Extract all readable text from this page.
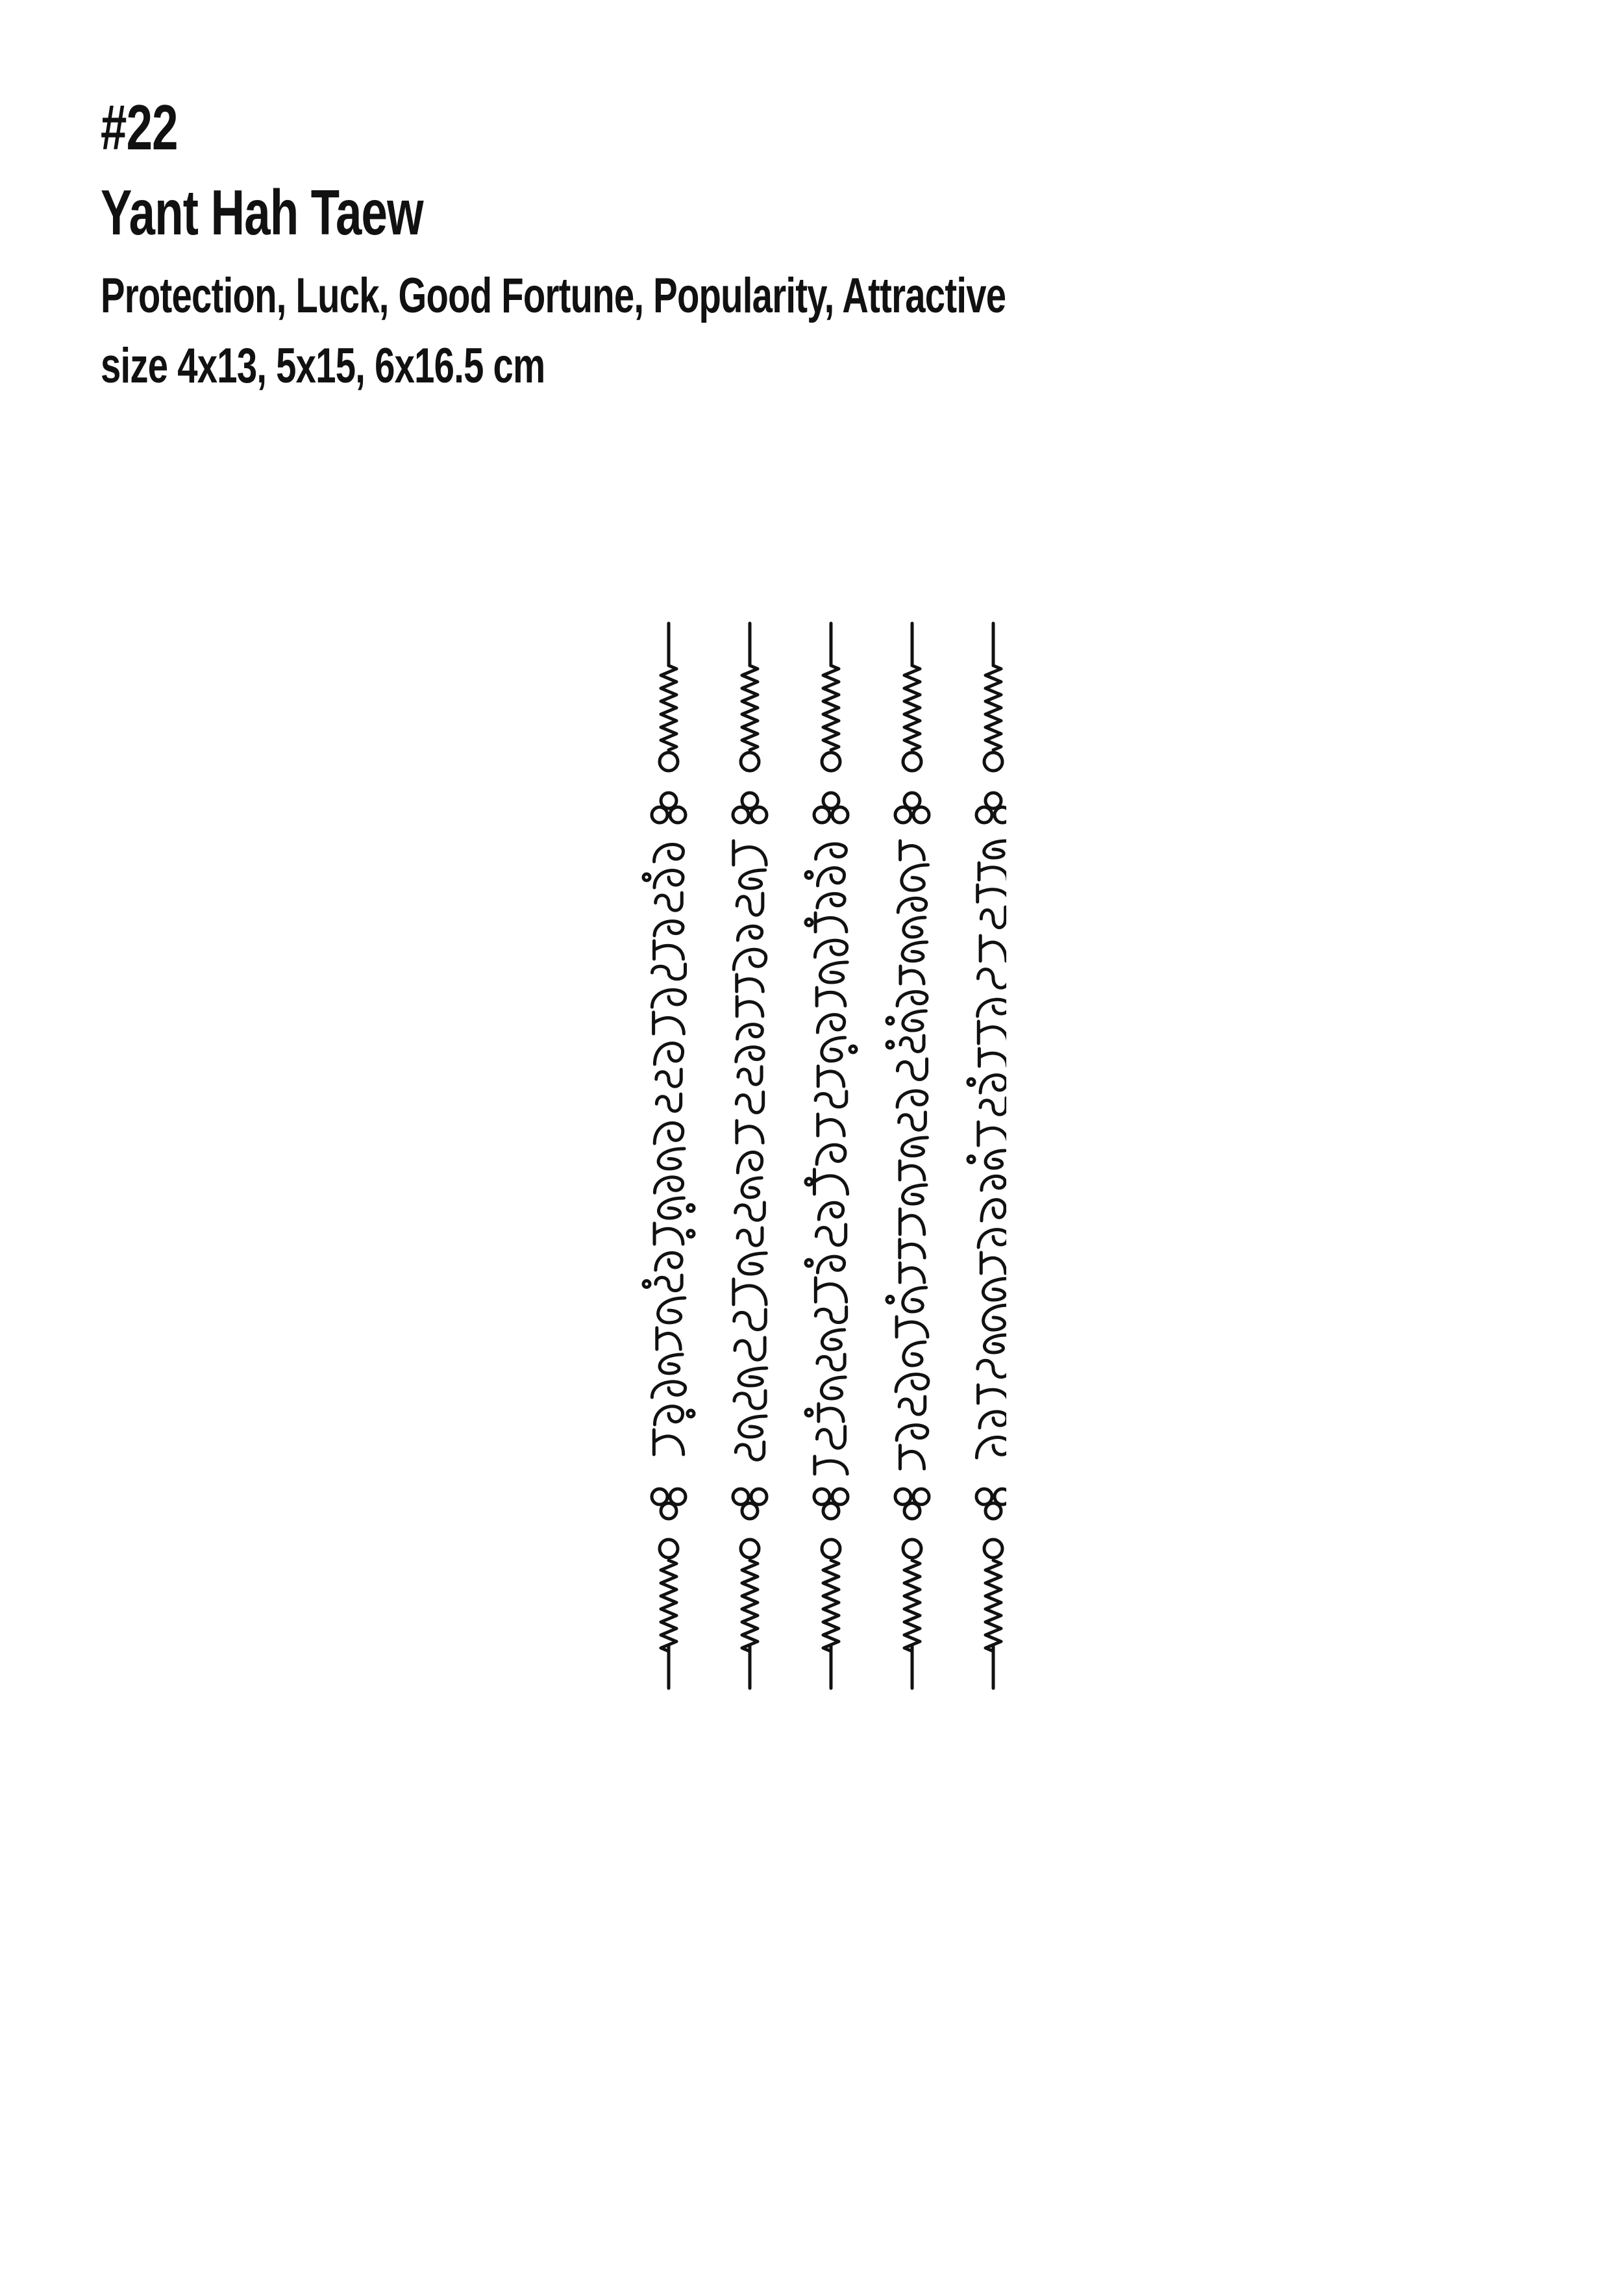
#22
Yant Hah Taew
Protection, Luck, Good Fortune, Popularity, Attractive
size 4x13, 5x15, 6x16.5 cm
